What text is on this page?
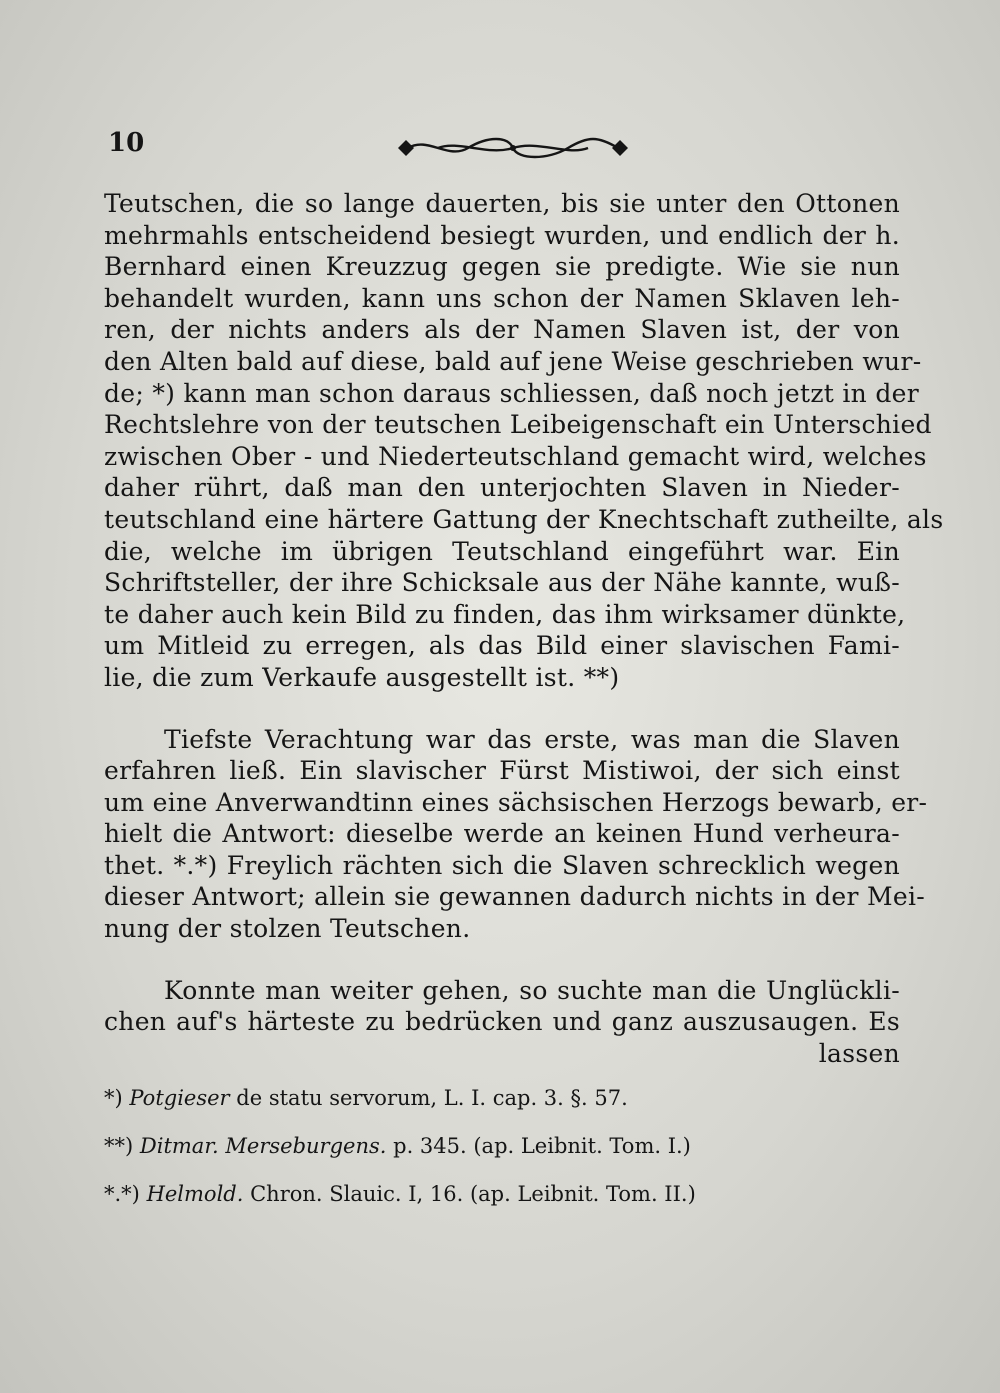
10
Teutschen, die so lange dauerten, bis sie unter den Ottonen
mehrmahls entscheidend besiegt wurden, und endlich der h.
Bernhard einen Kreuzzug gegen sie predigte. Wie sie nun
behandelt wurden, kann uns schon der Namen Sklaven leh-
ren, der nichts anders als der Namen Slaven ist, der von
den Alten bald auf diese, bald auf jene Weise geschrieben wur-
de; *) kann man schon daraus schliessen, daß noch jetzt in der
Rechtslehre von der teutschen Leibeigenschaft ein Unterschied
zwischen Ober - und Niederteutschland gemacht wird, welches
daher rührt, daß man den unterjochten Slaven in Nieder-
teutschland eine härtere Gattung der Knechtschaft zutheilte, als
die, welche im übrigen Teutschland eingeführt war. Ein
Schriftsteller, der ihre Schicksale aus der Nähe kannte, wuß-
te daher auch kein Bild zu finden, das ihm wirksamer dünkte,
um Mitleid zu erregen, als das Bild einer slavischen Fami-
lie, die zum Verkaufe ausgestellt ist. **)
Tiefste Verachtung war das erste, was man die Slaven
erfahren ließ. Ein slavischer Fürst Mistiwoi, der sich einst
um eine Anverwandtinn eines sächsischen Herzogs bewarb, er-
hielt die Antwort: dieselbe werde an keinen Hund verheura-
thet. *.*) Freylich rächten sich die Slaven schrecklich wegen
dieser Antwort; allein sie gewannen dadurch nichts in der Mei-
nung der stolzen Teutschen.
Konnte man weiter gehen, so suchte man die Unglückli-
chen auf's härteste zu bedrücken und ganz auszusaugen. Es
lassen
*) Potgieser de statu servorum, L. I. cap. 3. §. 57.
**) Ditmar. Merseburgens. p. 345. (ap. Leibnit. Tom. I.)
*.*) Helmold. Chron. Slauic. I, 16. (ap. Leibnit. Tom. II.)
